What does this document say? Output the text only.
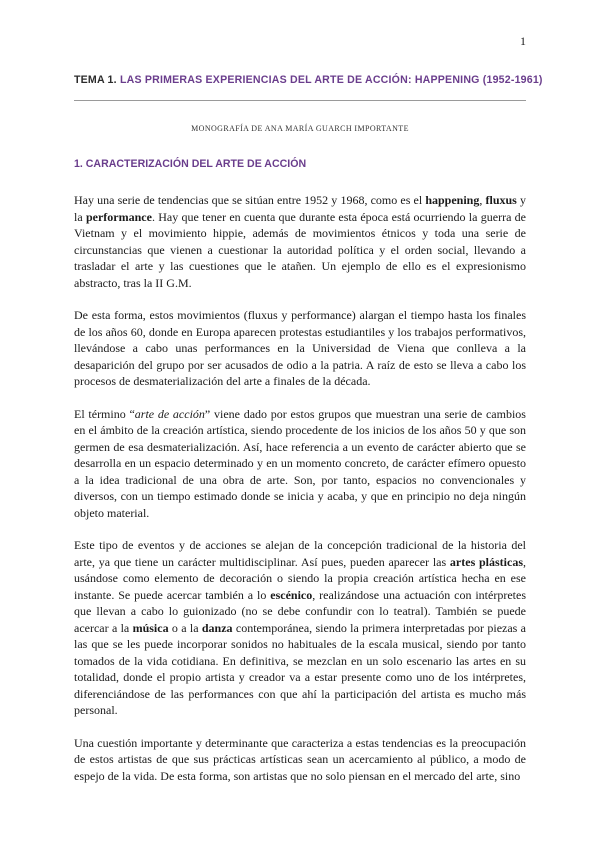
1
TEMA 1. LAS PRIMERAS EXPERIENCIAS DEL ARTE DE ACCIÓN: HAPPENING (1952-1961)
MONOGRAFÍA DE ANA MARÍA GUARCH IMPORTANTE
1. CARACTERIZACIÓN DEL ARTE DE ACCIÓN

Hay una serie de tendencias que se sitúan entre 1952 y 1968, como es el happening, fluxus y la performance. Hay que tener en cuenta que durante esta época está ocurriendo la guerra de Vietnam y el movimiento hippie, además de movimientos étnicos y toda una serie de circunstancias que vienen a cuestionar la autoridad política y el orden social, llevando a trasladar el arte y las cuestiones que le atañen. Un ejemplo de ello es el expresionismo abstracto, tras la II G.M.

De esta forma, estos movimientos (fluxus y performance) alargan el tiempo hasta los finales de los años 60, donde en Europa aparecen protestas estudiantiles y los trabajos performativos, llevándose a cabo unas performances en la Universidad de Viena que conlleva a la desaparición del grupo por ser acusados de odio a la patria. A raíz de esto se lleva a cabo los procesos de desmaterialización del arte a finales de la década.

El término “arte de acción” viene dado por estos grupos que muestran una serie de cambios en el ámbito de la creación artística, siendo procedente de los inicios de los años 50 y que son germen de esa desmaterialización. Así, hace referencia a un evento de carácter abierto que se desarrolla en un espacio determinado y en un momento concreto, de carácter efímero opuesto a la idea tradicional de una obra de arte. Son, por tanto, espacios no convencionales y diversos, con un tiempo estimado donde se inicia y acaba, y que en principio no deja ningún objeto material.

Este tipo de eventos y de acciones se alejan de la concepción tradicional de la historia del arte, ya que tiene un carácter multidisciplinar. Así pues, pueden aparecer las artes plásticas, usándose como elemento de decoración o siendo la propia creación artística hecha en ese instante. Se puede acercar también a lo escénico, realizándose una actuación con intérpretes que llevan a cabo lo guionizado (no se debe confundir con lo teatral). También se puede acercar a la música o a la danza contemporánea, siendo la primera interpretadas por piezas a las que se les puede incorporar sonidos no habituales de la escala musical, siendo por tanto tomados de la vida cotidiana. En definitiva, se mezclan en un solo escenario las artes en su totalidad, donde el propio artista y creador va a estar presente como uno de los intérpretes, diferenciándose de las performances con que ahí la participación del artista es mucho más personal.

Una cuestión importante y determinante que caracteriza a estas tendencias es la preocupación de estos artistas de que sus prácticas artísticas sean un acercamiento al público, a modo de espejo de la vida. De esta forma, son artistas que no solo piensan en el mercado del arte, sino
